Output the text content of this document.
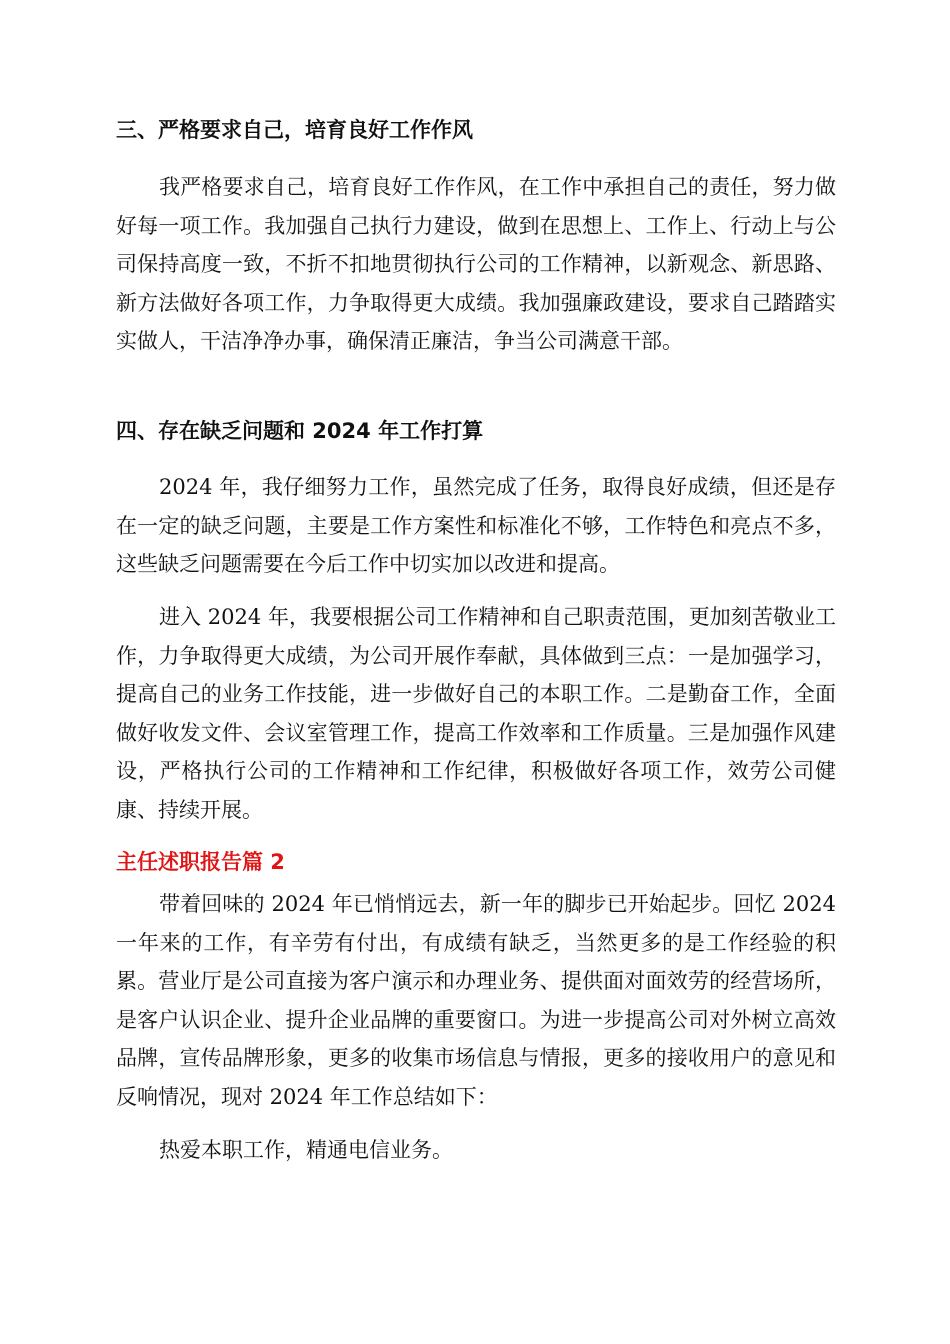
三、严格要求自己，培育良好工作作风

我严格要求自己，培育良好工作作风，在工作中承担自己的责任，努力做好每一项工作。我加强自己执行力建设，做到在思想上、工作上、行动上与公司保持高度一致，不折不扣地贯彻执行公司的工作精神，以新观念、新思路、新方法做好各项工作，力争取得更大成绩。我加强廉政建设，要求自己踏踏实实做人，干洁净净办事，确保清正廉洁，争当公司满意干部。

四、存在缺乏问题和 2024 年工作打算

2024 年，我仔细努力工作，虽然完成了任务，取得良好成绩，但还是存在一定的缺乏问题，主要是工作方案性和标准化不够，工作特色和亮点不多，这些缺乏问题需要在今后工作中切实加以改进和提高。

进入 2024 年，我要根据公司工作精神和自己职责范围，更加刻苦敬业工作，力争取得更大成绩，为公司开展作奉献，具体做到三点：一是加强学习，提高自己的业务工作技能，进一步做好自己的本职工作。二是勤奋工作，全面做好收发文件、会议室管理工作，提高工作效率和工作质量。三是加强作风建设，严格执行公司的工作精神和工作纪律，积极做好各项工作，效劳公司健康、持续开展。

主任述职报告篇 2

带着回味的 2024 年已悄悄远去，新一年的脚步已开始起步。回忆 2024 一年来的工作，有辛劳有付出，有成绩有缺乏，当然更多的是工作经验的积累。营业厅是公司直接为客户演示和办理业务、提供面对面效劳的经营场所，是客户认识企业、提升企业品牌的重要窗口。为进一步提高公司对外树立高效品牌，宣传品牌形象，更多的收集市场信息与情报，更多的接收用户的意见和反响情况，现对 2024 年工作总结如下：

热爱本职工作，精通电信业务。
